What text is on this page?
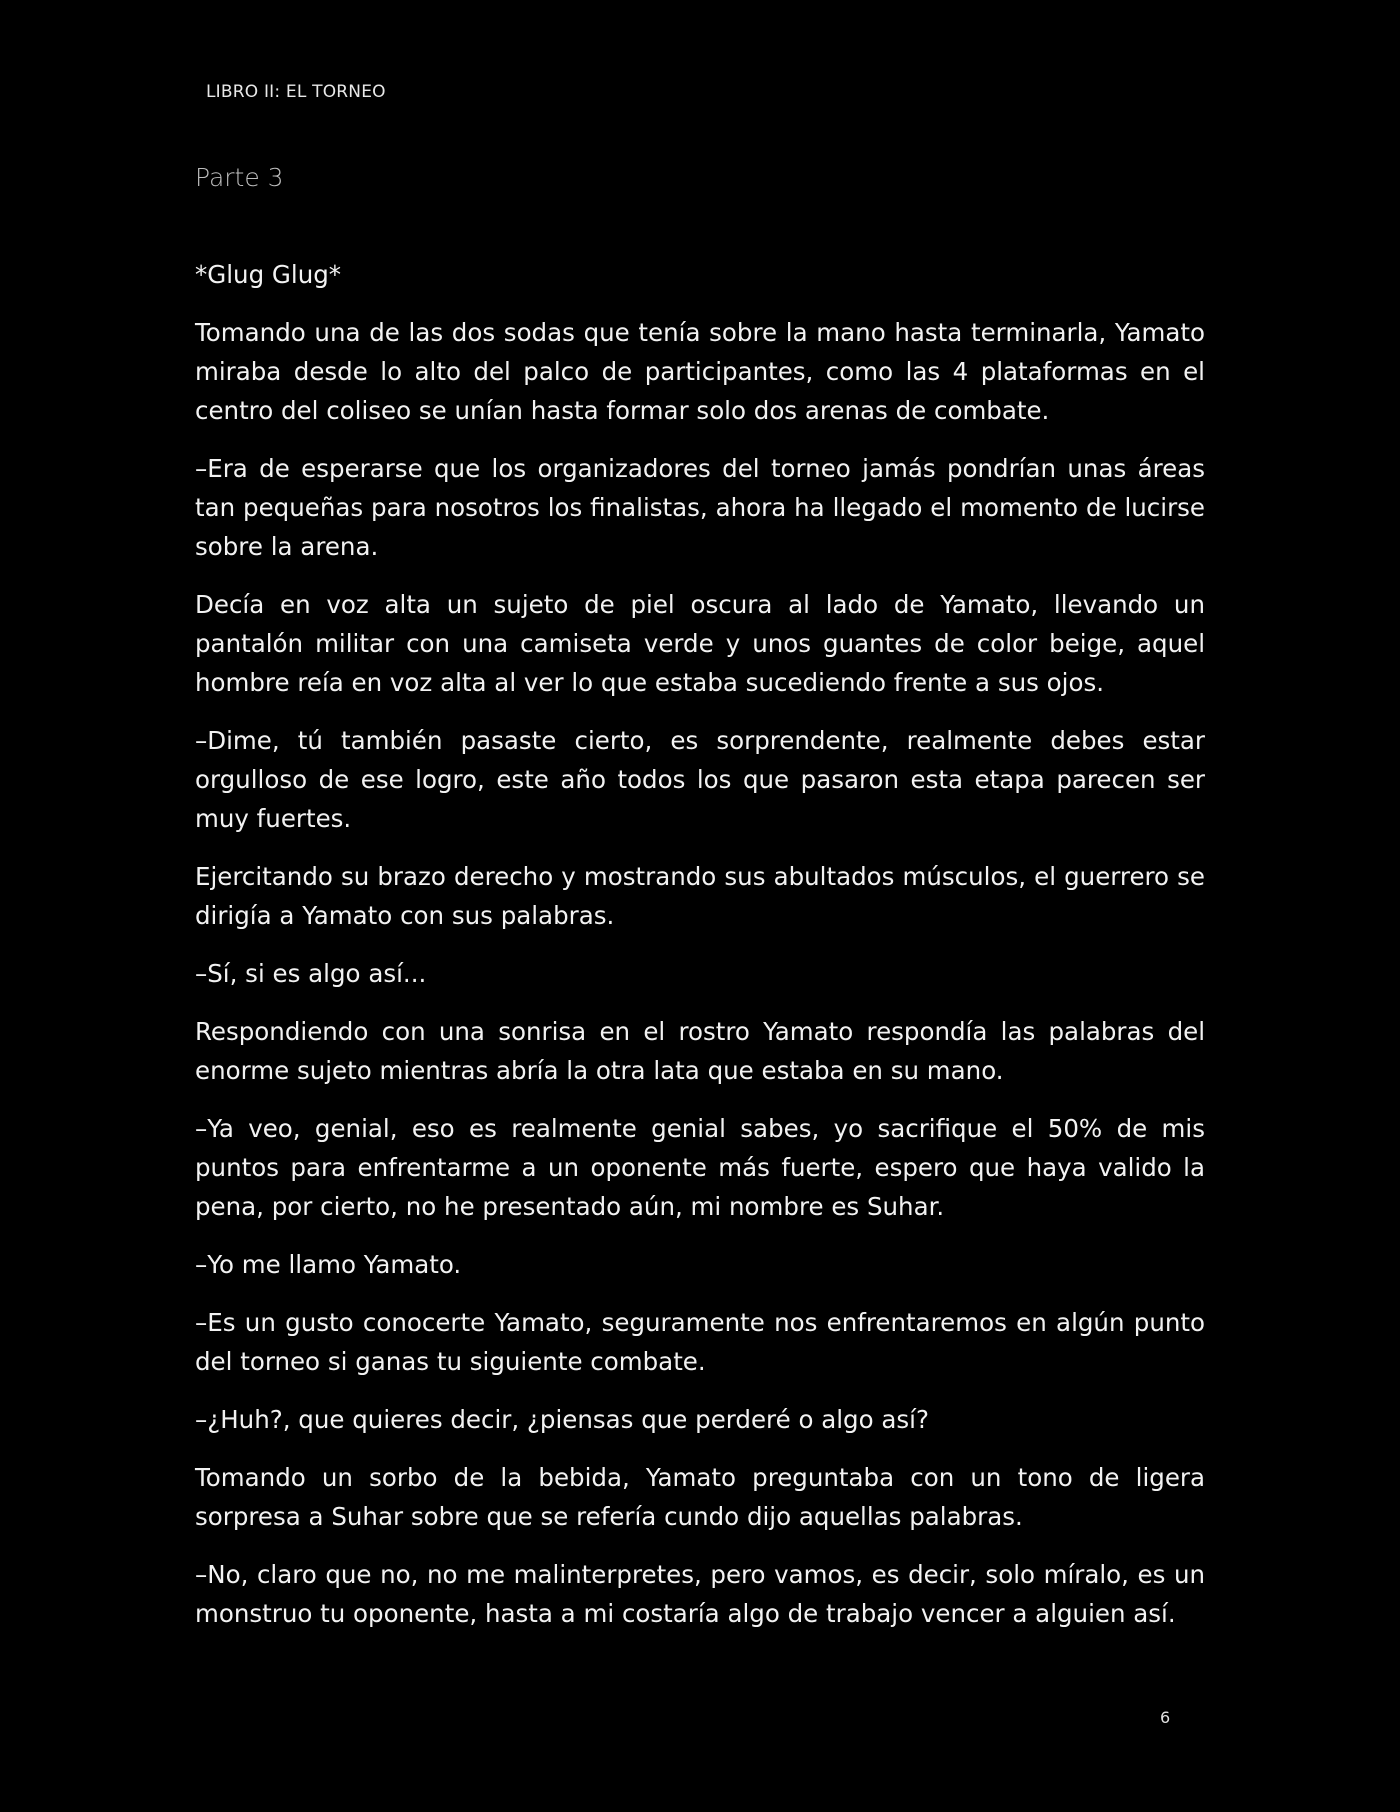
LIBRO II: EL TORNEO
Parte 3

*Glug Glug*

Tomando una de las dos sodas que tenía sobre la mano hasta terminarla, Yamato miraba desde lo alto del palco de participantes, como las 4 plataformas en el centro del coliseo se unían hasta formar solo dos arenas de combate.

–Era de esperarse que los organizadores del torneo jamás pondrían unas áreas tan pequeñas para nosotros los finalistas, ahora ha llegado el momento de lucirse sobre la arena.

Decía en voz alta un sujeto de piel oscura al lado de Yamato, llevando un pantalón militar con una camiseta verde y unos guantes de color beige, aquel hombre reía en voz alta al ver lo que estaba sucediendo frente a sus ojos.

–Dime, tú también pasaste cierto, es sorprendente, realmente debes estar orgulloso de ese logro, este año todos los que pasaron esta etapa parecen ser muy fuertes.

Ejercitando su brazo derecho y mostrando sus abultados músculos, el guerrero se dirigía a Yamato con sus palabras.

–Sí, si es algo así...

Respondiendo con una sonrisa en el rostro Yamato respondía las palabras del enorme sujeto mientras abría la otra lata que estaba en su mano.

–Ya veo, genial, eso es realmente genial sabes, yo sacrifique el 50% de mis puntos para enfrentarme a un oponente más fuerte, espero que haya valido la pena, por cierto, no he presentado aún, mi nombre es Suhar.

–Yo me llamo Yamato.

–Es un gusto conocerte Yamato, seguramente nos enfrentaremos en algún punto del torneo si ganas tu siguiente combate.

–¿Huh?, que quieres decir, ¿piensas que perderé o algo así?

Tomando un sorbo de la bebida, Yamato preguntaba con un tono de ligera sorpresa a Suhar sobre que se refería cundo dijo aquellas palabras.

–No, claro que no, no me malinterpretes, pero vamos, es decir, solo míralo, es un monstruo tu oponente, hasta a mi costaría algo de trabajo vencer a alguien así.

6
